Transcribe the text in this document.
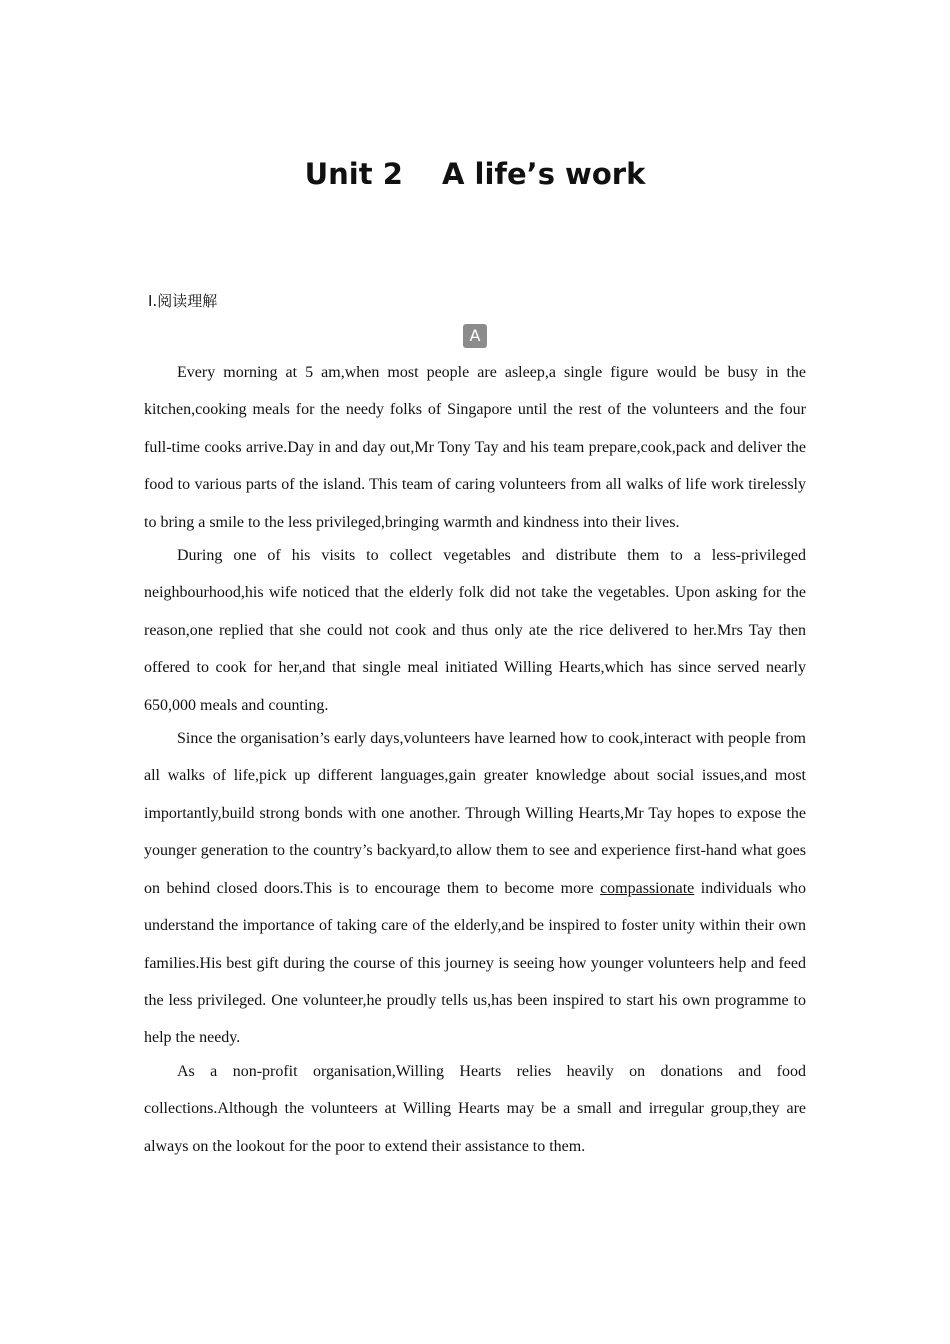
Unit 2　 A life’s work
Ⅰ.阅读理解
A

Every morning at 5 am,when most people are asleep,a single figure would be busy in the kitchen,cooking meals for the needy folks of Singapore until the rest of the volunteers and the four full-time cooks arrive.Day in and day out,Mr Tony Tay and his team prepare,cook,pack and deliver the food to various parts of the island. This team of caring volunteers from all walks of life work tirelessly to bring a smile to the less privileged,bringing warmth and kindness into their lives.

During one of his visits to collect vegetables and distribute them to a less-privileged neighbourhood,his wife noticed that the elderly folk did not take the vegetables. Upon asking for the reason,one replied that she could not cook and thus only ate the rice delivered to her.Mrs Tay then offered to cook for her,and that single meal initiated Willing Hearts,which has since served nearly 650,000 meals and counting.

Since the organisation’s early days,volunteers have learned how to cook,interact with people from all walks of life,pick up different languages,gain greater knowledge about social issues,and most importantly,build strong bonds with one another. Through Willing Hearts,Mr Tay hopes to expose the younger generation to the country’s backyard,to allow them to see and experience first-hand what goes on behind closed doors.This is to encourage them to become more compassionate individuals who understand the importance of taking care of the elderly,and be inspired to foster unity within their own families.His best gift during the course of this journey is seeing how younger volunteers help and feed the less privileged. One volunteer,he proudly tells us,has been inspired to start his own programme to help the needy.

As a non-profit organisation,Willing Hearts relies heavily on donations and food collections.Although the volunteers at Willing Hearts may be a small and irregular group,they are always on the lookout for the poor to extend their assistance to them.
